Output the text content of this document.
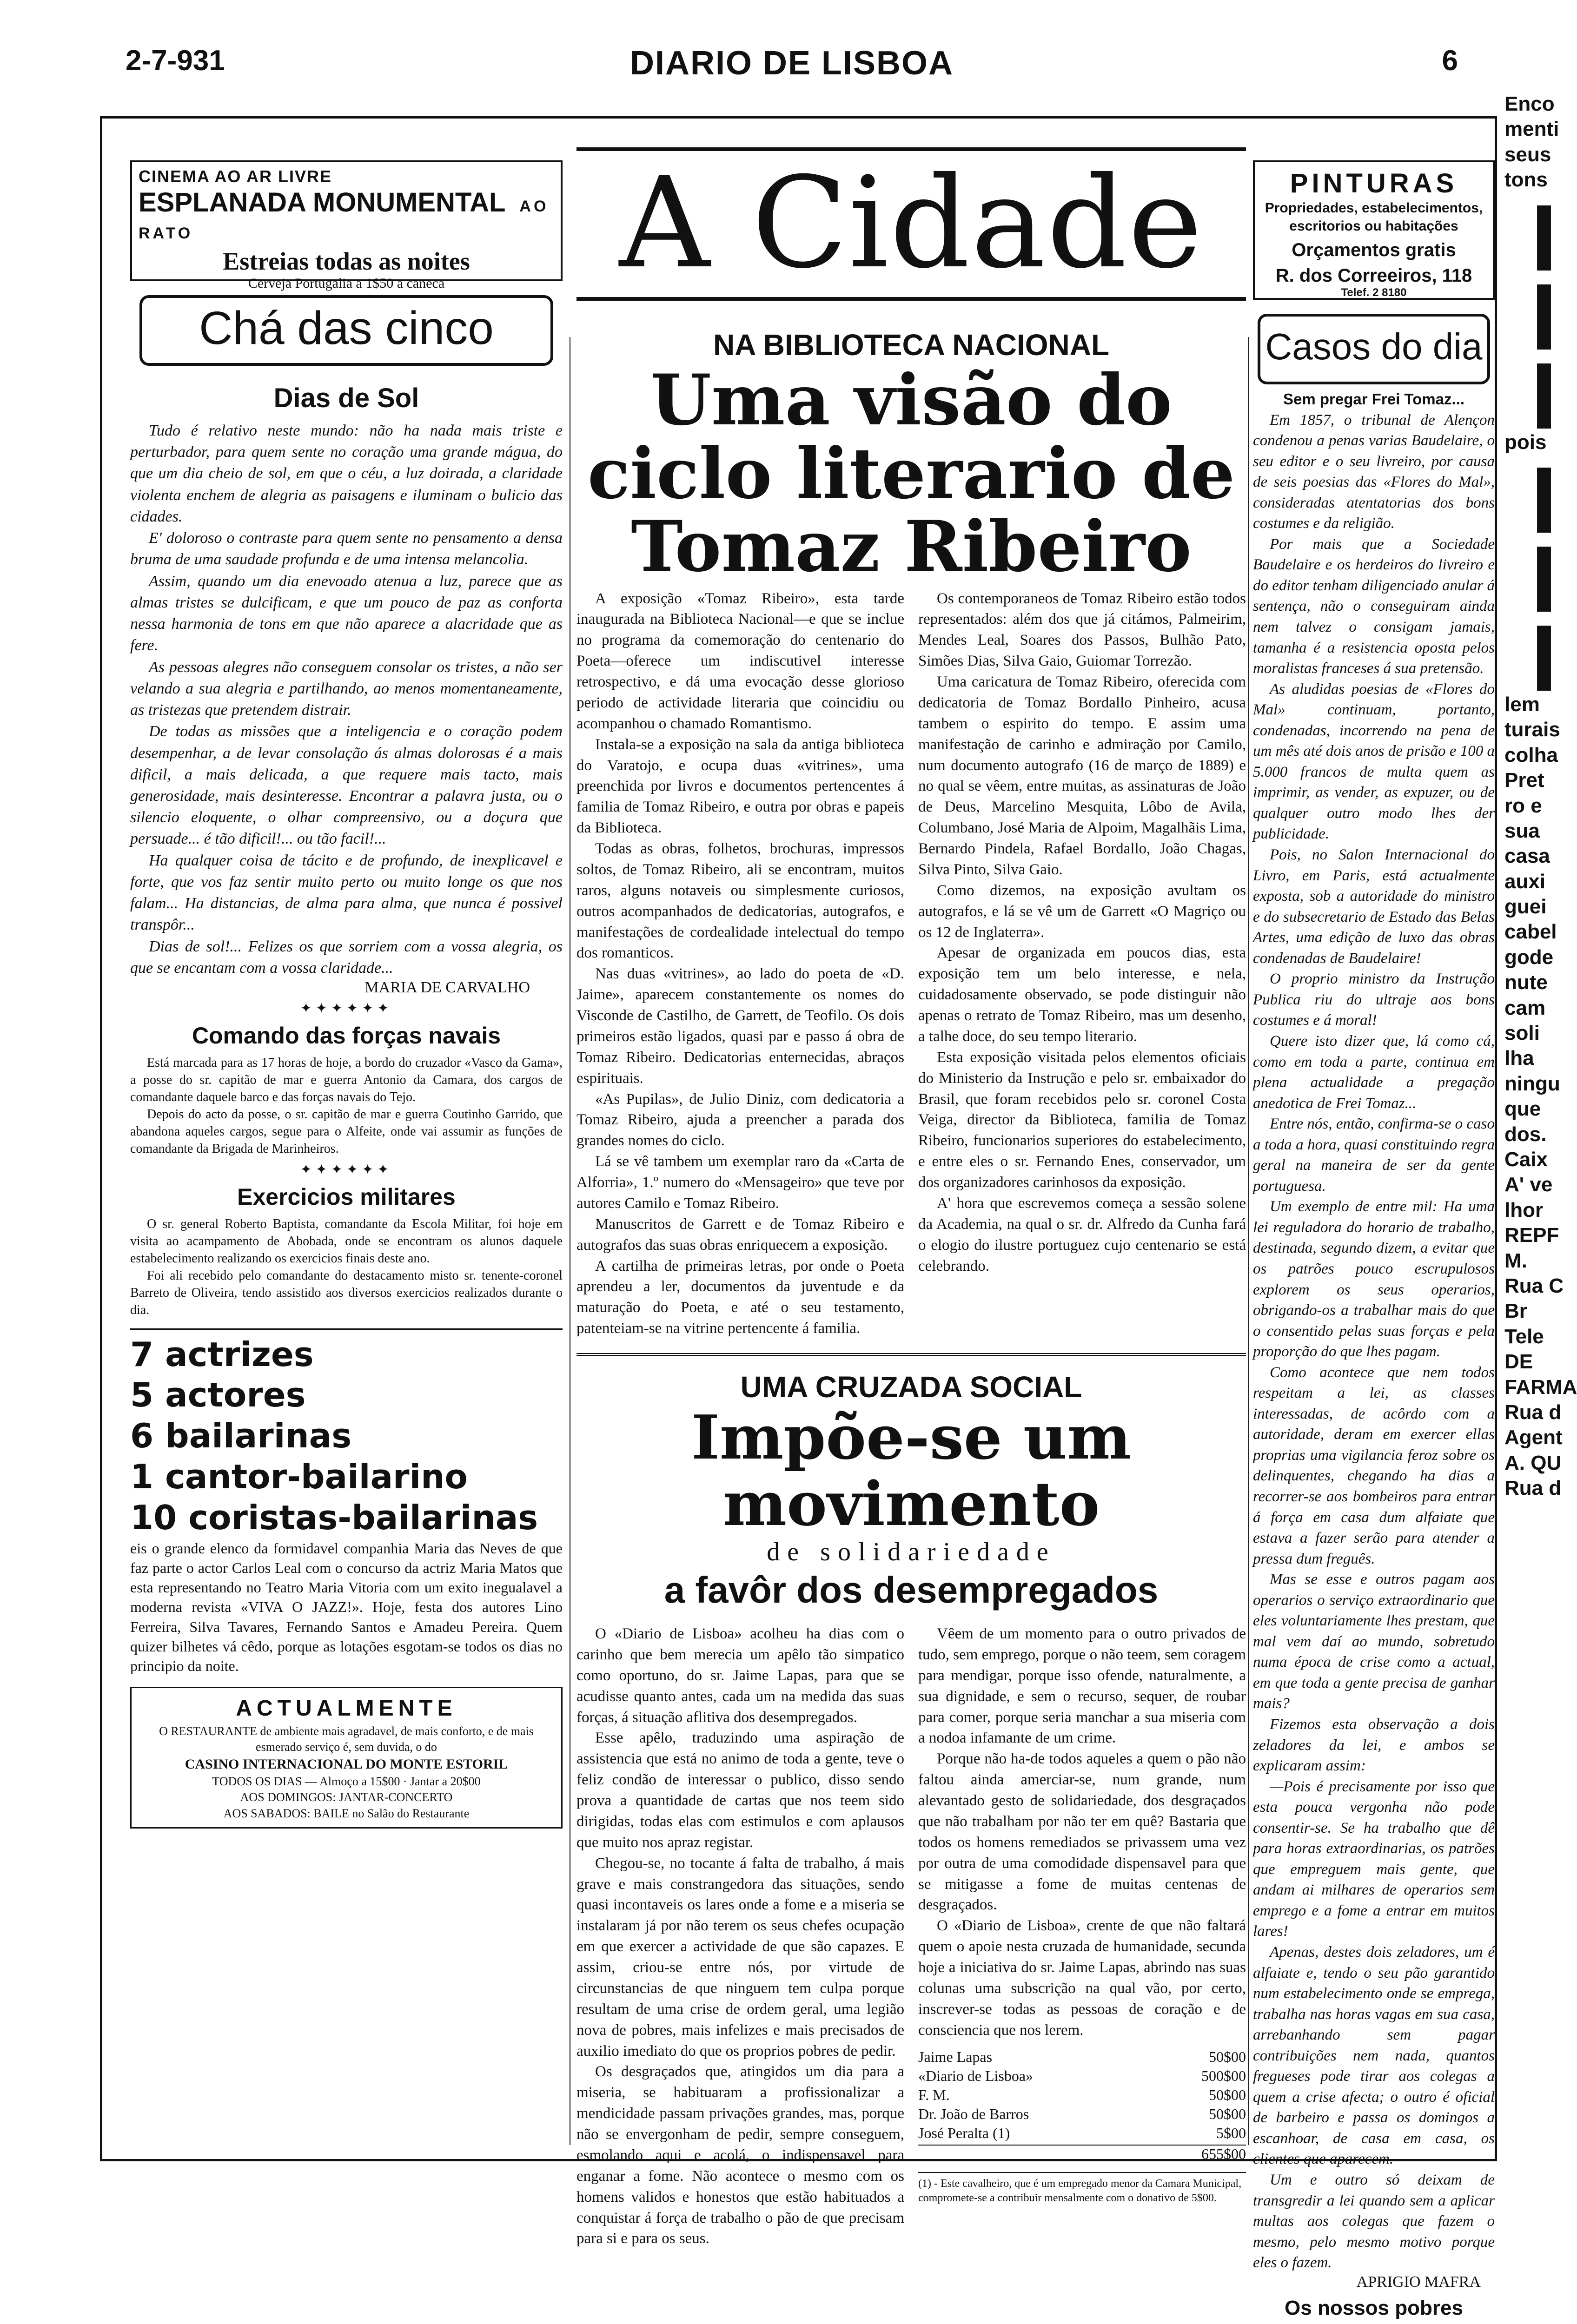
2-7-931	DIARIO DE LISBOA	6
CINEMA AO AR LIVRE
ESPLANADA MONUMENTAL AO RATO
Estreias todas as noites
Cerveja Portugalia a 1$50 a caneca
Chá das cinco
Dias de Sol

Tudo é relativo neste mundo: não ha nada mais triste e perturbador, para quem sente no coração uma grande mágua, do que um dia cheio de sol, em que o céu, a luz doirada, a claridade violenta enchem de alegria as paisagens e iluminam o bulicio das cidades.

E' doloroso o contraste para quem sente no pensamento a densa bruma de uma saudade profunda e de uma intensa melancolia.

Assim, quando um dia enevoado atenua a luz, parece que as almas tristes se dulcificam, e que um pouco de paz as conforta nessa harmonia de tons em que não aparece a alacridade que as fere.

As pessoas alegres não conseguem consolar os tristes, a não ser velando a sua alegria e partilhando, ao menos momentaneamente, as tristezas que pretendem distrair.

De todas as missões que a inteligencia e o coração podem desempenhar, a de levar consolação ás almas dolorosas é a mais dificil, a mais delicada, a que requere mais tacto, mais generosidade, mais desinteresse. Encontrar a palavra justa, ou o silencio eloquente, o olhar compreensivo, ou a doçura que persuade... é tão dificil!... ou tão facil!...

Ha qualquer coisa de tácito e de profundo, de inexplicavel e forte, que vos faz sentir muito perto ou muito longe os que nos falam... Ha distancias, de alma para alma, que nunca é possivel transpôr...

Dias de sol!... Felizes os que sorriem com a vossa alegria, os que se encantam com a vossa claridade...

MARIA DE CARVALHO
✦✦✦✦✦✦
Comando das forças navais

Está marcada para as 17 horas de hoje, a bordo do cruzador «Vasco da Gama», a posse do sr. capitão de mar e guerra Antonio da Camara, dos cargos de comandante daquele barco e das forças navais do Tejo.

Depois do acto da posse, o sr. capitão de mar e guerra Coutinho Garrido, que abandona aqueles cargos, segue para o Alfeite, onde vai assumir as funções de comandante da Brigada de Marinheiros.

✦✦✦✦✦✦
Exercicios militares

O sr. general Roberto Baptista, comandante da Escola Militar, foi hoje em visita ao acampamento de Abobada, onde se encontram os alunos daquele estabelecimento realizando os exercicios finais deste ano.

Foi ali recebido pelo comandante do destacamento misto sr. tenente-coronel Barreto de Oliveira, tendo assistido aos diversos exercicios realizados durante o dia.

7 actrizes
5 actores
6 bailarinas
1 cantor-bailarino
10 coristas-bailarinas
eis o grande elenco da formidavel companhia Maria das Neves de que faz parte o actor Carlos Leal com o concurso da actriz Maria Matos que esta representando no Teatro Maria Vitoria com um exito inegualavel a moderna revista «VIVA O JAZZ!». Hoje, festa dos autores Lino Ferreira, Silva Tavares, Fernando Santos e Amadeu Pereira. Quem quizer bilhetes vá cêdo, porque as lotações esgotam-se todos os dias no principio da noite.
ACTUALMENTE
O RESTAURANTE de ambiente mais agradavel, de mais conforto, e de mais esmerado serviço é, sem duvida, o do
CASINO INTERNACIONAL DO MONTE ESTORIL
TODOS OS DIAS — Almoço a 15$00 · Jantar a 20$00
AOS DOMINGOS: JANTAR-CONCERTO
AOS SABADOS: BAILE no Salão do Restaurante
A Cidade
NA BIBLIOTECA NACIONAL
Uma visão do ciclo literario de Tomaz Ribeiro

A exposição «Tomaz Ribeiro», esta tarde inaugurada na Biblioteca Nacional—e que se inclue no programa da comemoração do centenario do Poeta—oferece um indiscutivel interesse retrospectivo, e dá uma evocação desse glorioso periodo de actividade literaria que coincidiu ou acompanhou o chamado Romantismo.

Instala-se a exposição na sala da antiga biblioteca do Varatojo, e ocupa duas «vitrines», uma preenchida por livros e documentos pertencentes á familia de Tomaz Ribeiro, e outra por obras e papeis da Biblioteca.

Todas as obras, folhetos, brochuras, impressos soltos, de Tomaz Ribeiro, ali se encontram, muitos raros, alguns notaveis ou simplesmente curiosos, outros acompanhados de dedicatorias, autografos, e manifestações de cordealidade intelectual do tempo dos romanticos.

Nas duas «vitrines», ao lado do poeta de «D. Jaime», aparecem constantemente os nomes do Visconde de Castilho, de Garrett, de Teofilo. Os dois primeiros estão ligados, quasi par e passo á obra de Tomaz Ribeiro. Dedicatorias enternecidas, abraços espirituais.

«As Pupilas», de Julio Diniz, com dedicatoria a Tomaz Ribeiro, ajuda a preencher a parada dos grandes nomes do ciclo.

Lá se vê tambem um exemplar raro da «Carta de Alforria», 1.º numero do «Mensageiro» que teve por autores Camilo e Tomaz Ribeiro.

Manuscritos de Garrett e de Tomaz Ribeiro e autografos das suas obras enriquecem a exposição.

A cartilha de primeiras letras, por onde o Poeta aprendeu a ler, documentos da juventude e da maturação do Poeta, e até o seu testamento, patenteiam-se na vitrine pertencente á familia.

Os contemporaneos de Tomaz Ribeiro estão todos representados: além dos que já citámos, Palmeirim, Mendes Leal, Soares dos Passos, Bulhão Pato, Simões Dias, Silva Gaio, Guiomar Torrezão.

Uma caricatura de Tomaz Ribeiro, oferecida com dedicatoria de Tomaz Bordallo Pinheiro, acusa tambem o espirito do tempo. E assim uma manifestação de carinho e admiração por Camilo, num documento autografo (16 de março de 1889) e no qual se vêem, entre muitas, as assinaturas de João de Deus, Marcelino Mesquita, Lôbo de Avila, Columbano, José Maria de Alpoim, Magalhãis Lima, Bernardo Pindela, Rafael Bordallo, João Chagas, Silva Pinto, Silva Gaio.

Como dizemos, na exposição avultam os autografos, e lá se vê um de Garrett «O Magriço ou os 12 de Inglaterra».

Apesar de organizada em poucos dias, esta exposição tem um belo interesse, e nela, cuidadosamente observado, se pode distinguir não apenas o retrato de Tomaz Ribeiro, mas um desenho, a talhe doce, do seu tempo literario.

Esta exposição visitada pelos elementos oficiais do Ministerio da Instrução e pelo sr. embaixador do Brasil, que foram recebidos pelo sr. coronel Costa Veiga, director da Biblioteca, familia de Tomaz Ribeiro, funcionarios superiores do estabelecimento, e entre eles o sr. Fernando Enes, conservador, um dos organizadores carinhosos da exposição.

A' hora que escrevemos começa a sessão solene da Academia, na qual o sr. dr. Alfredo da Cunha fará o elogio do ilustre portuguez cujo centenario se está celebrando.

UMA CRUZADA SOCIAL
Impõe-se um movimento
de solidariedade
a favôr dos desempregados

O «Diario de Lisboa» acolheu ha dias com o carinho que bem merecia um apêlo tão simpatico como oportuno, do sr. Jaime Lapas, para que se acudisse quanto antes, cada um na medida das suas forças, á situação aflitiva dos desempregados.

Esse apêlo, traduzindo uma aspiração de assistencia que está no animo de toda a gente, teve o feliz condão de interessar o publico, disso sendo prova a quantidade de cartas que nos teem sido dirigidas, todas elas com estimulos e com aplausos que muito nos apraz registar.

Chegou-se, no tocante á falta de trabalho, á mais grave e mais constrangedora das situações, sendo quasi incontaveis os lares onde a fome e a miseria se instalaram já por não terem os seus chefes ocupação em que exercer a actividade de que são capazes. E assim, criou-se entre nós, por virtude de circunstancias de que ninguem tem culpa porque resultam de uma crise de ordem geral, uma legião nova de pobres, mais infelizes e mais precisados de auxilio imediato do que os proprios pobres de pedir.

Os desgraçados que, atingidos um dia para a miseria, se habituaram a profissionalizar a mendicidade passam privações grandes, mas, porque não se envergonham de pedir, sempre conseguem, esmolando aqui e acolá, o indispensavel para enganar a fome. Não acontece o mesmo com os homens validos e honestos que estão habituados a conquistar á força de trabalho o pão de que precisam para si e para os seus.

Vêem de um momento para o outro privados de tudo, sem emprego, porque o não teem, sem coragem para mendigar, porque isso ofende, naturalmente, a sua dignidade, e sem o recurso, sequer, de roubar para comer, porque seria manchar a sua miseria com a nodoa infamante de um crime.

Porque não ha-de todos aqueles a quem o pão não faltou ainda amerciar-se, num grande, num alevantado gesto de solidariedade, dos desgraçados que não trabalham por não ter em quê? Bastaria que todos os homens remediados se privassem uma vez por outra de uma comodidade dispensavel para que se mitigasse a fome de muitas centenas de desgraçados.

O «Diario de Lisboa», crente de que não faltará quem o apoie nesta cruzada de humanidade, secunda hoje a iniciativa do sr. Jaime Lapas, abrindo nas suas colunas uma subscrição na qual vão, por certo, inscrever-se todas as pessoas de coração e de consciencia que nos lerem.

Jaime Lapas	50$00
«Diario de Lisboa»	500$00
F. M.	50$00
Dr. João de Barros	50$00
José Peralta (1)	5$00
655$00
(1) - Este cavalheiro, que é um empregado menor da Camara Municipal, compromete-se a contribuir mensalmente com o donativo de 5$00.
PINTURAS
Propriedades, estabelecimentos, escritorios ou habitações
Orçamentos gratis
R. dos Correeiros, 118
Telef. 2 8180
Casos do dia

Sem pregar Frei Tomaz...

Em 1857, o tribunal de Alençon condenou a penas varias Baudelaire, o seu editor e o seu livreiro, por causa de seis poesias das «Flores do Mal», consideradas atentatorias dos bons costumes e da religião.

Por mais que a Sociedade Baudelaire e os herdeiros do livreiro e do editor tenham diligenciado anular á sentença, não o conseguiram ainda nem talvez o consigam jamais, tamanha é a resistencia oposta pelos moralistas franceses á sua pretensão.

As aludidas poesias de «Flores do Mal» continuam, portanto, condenadas, incorrendo na pena de um mês até dois anos de prisão e 100 a 5.000 francos de multa quem as imprimir, as vender, as expuzer, ou de qualquer outro modo lhes der publicidade.

Pois, no Salon Internacional do Livro, em Paris, está actualmente exposta, sob a autoridade do ministro e do subsecretario de Estado das Belas Artes, uma edição de luxo das obras condenadas de Baudelaire!

O proprio ministro da Instrução Publica riu do ultraje aos bons costumes e á moral!

Quere isto dizer que, lá como cá, como em toda a parte, continua em plena actualidade a pregação anedotica de Frei Tomaz...

Entre nós, então, confirma-se o caso a toda a hora, quasi constituindo regra geral na maneira de ser da gente portuguesa.

Um exemplo de entre mil: Ha uma lei reguladora do horario de trabalho, destinada, segundo dizem, a evitar que os patrões pouco escrupulosos explorem os seus operarios, obrigando-os a trabalhar mais do que o consentido pelas suas forças e pela proporção do que lhes pagam.

Como acontece que nem todos respeitam a lei, as classes interessadas, de acôrdo com a autoridade, deram em exercer ellas proprias uma vigilancia feroz sobre os delinquentes, chegando ha dias a recorrer-se aos bombeiros para entrar á força em casa dum alfaiate que estava a fazer serão para atender a pressa dum freguês.

Mas se esse e outros pagam aos operarios o serviço extraordinario que eles voluntariamente lhes prestam, que mal vem daí ao mundo, sobretudo numa época de crise como a actual, em que toda a gente precisa de ganhar mais?

Fizemos esta observação a dois zeladores da lei, e ambos se explicaram assim:

—Pois é precisamente por isso que esta pouca vergonha não pode consentir-se. Se ha trabalho que dê para horas extraordinarias, os patrões que empreguem mais gente, que andam ai milhares de operarios sem emprego e a fome a entrar em muitos lares!

Apenas, destes dois zeladores, um é alfaiate e, tendo o seu pão garantido num estabelecimento onde se emprega, trabalha nas horas vagas em sua casa, arrebanhando sem pagar contribuições nem nada, quantos fregueses pode tirar aos colegas a quem a crise afecta; o outro é oficial de barbeiro e passa os domingos a escanhoar, de casa em casa, os clientes que aparecem.

Um e outro só deixam de transgredir a lei quando sem a aplicar multas aos colegas que fazem o mesmo, pelo mesmo motivo porque eles o fazem.

APRIGIO MAFRA
Os nossos pobres
Enco
menti
seus
tons
pois
lem
turais
colha
Pret
ro e
sua
casa
auxi
guei
cabel
gode
nute
cam
soli
lha
ningu
que
dos.
Caix
A' ve
lhor
REPF
M.
Rua C
Br
Tele
DE
FARMA
Rua d
Agent
A. QU
Rua d
